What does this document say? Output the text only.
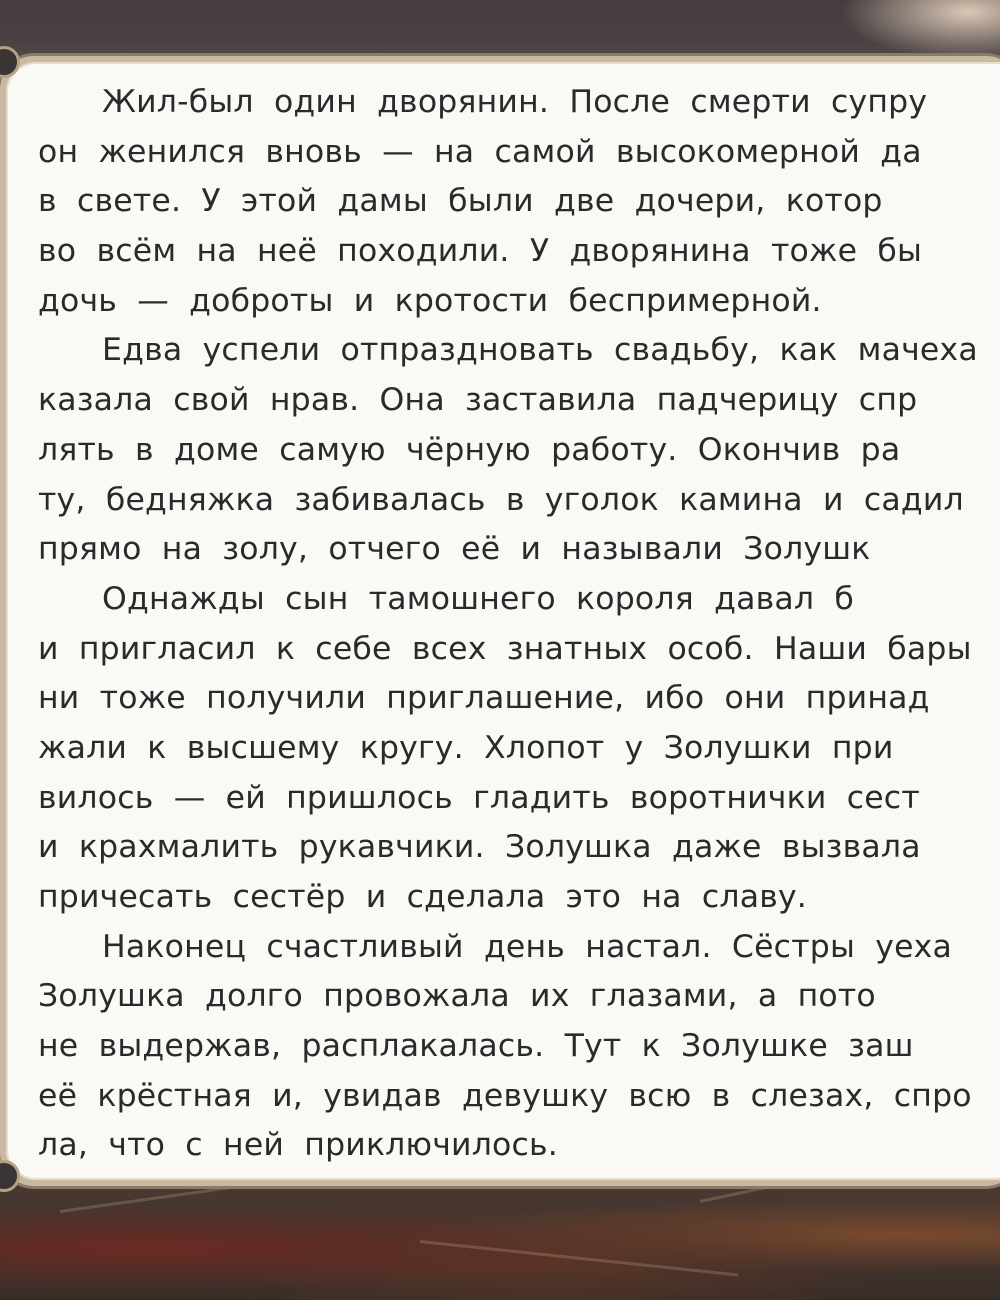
Жил-был один дворянин. После смерти супру
он женился вновь — на самой высокомерной да
в свете. У этой дамы были две дочери, котор
во всём на неё походили. У дворянина тоже бы
дочь — доброты и кротости беспримерной.
Едва успели отпраздновать свадьбу, как мачеха
казала свой нрав. Она заставила падчерицу спр
лять в доме самую чёрную работу. Окончив ра
ту, бедняжка забивалась в уголок камина и садил
прямо на золу, отчего её и называли Золушк
Однажды сын тамошнего короля давал б
и пригласил к себе всех знатных особ. Наши бары
ни тоже получили приглашение, ибо они принад
жали к высшему кругу. Хлопот у Золушки при
вилось — ей пришлось гладить воротнички сест
и крахмалить рукавчики. Золушка даже вызвала
причесать сестёр и сделала это на славу.
Наконец счастливый день настал. Сёстры уеха
Золушка долго провожала их глазами, а пото
не выдержав, расплакалась. Тут к Золушке заш
её крёстная и, увидав девушку всю в слезах, спро
ла, что с ней приключилось.
